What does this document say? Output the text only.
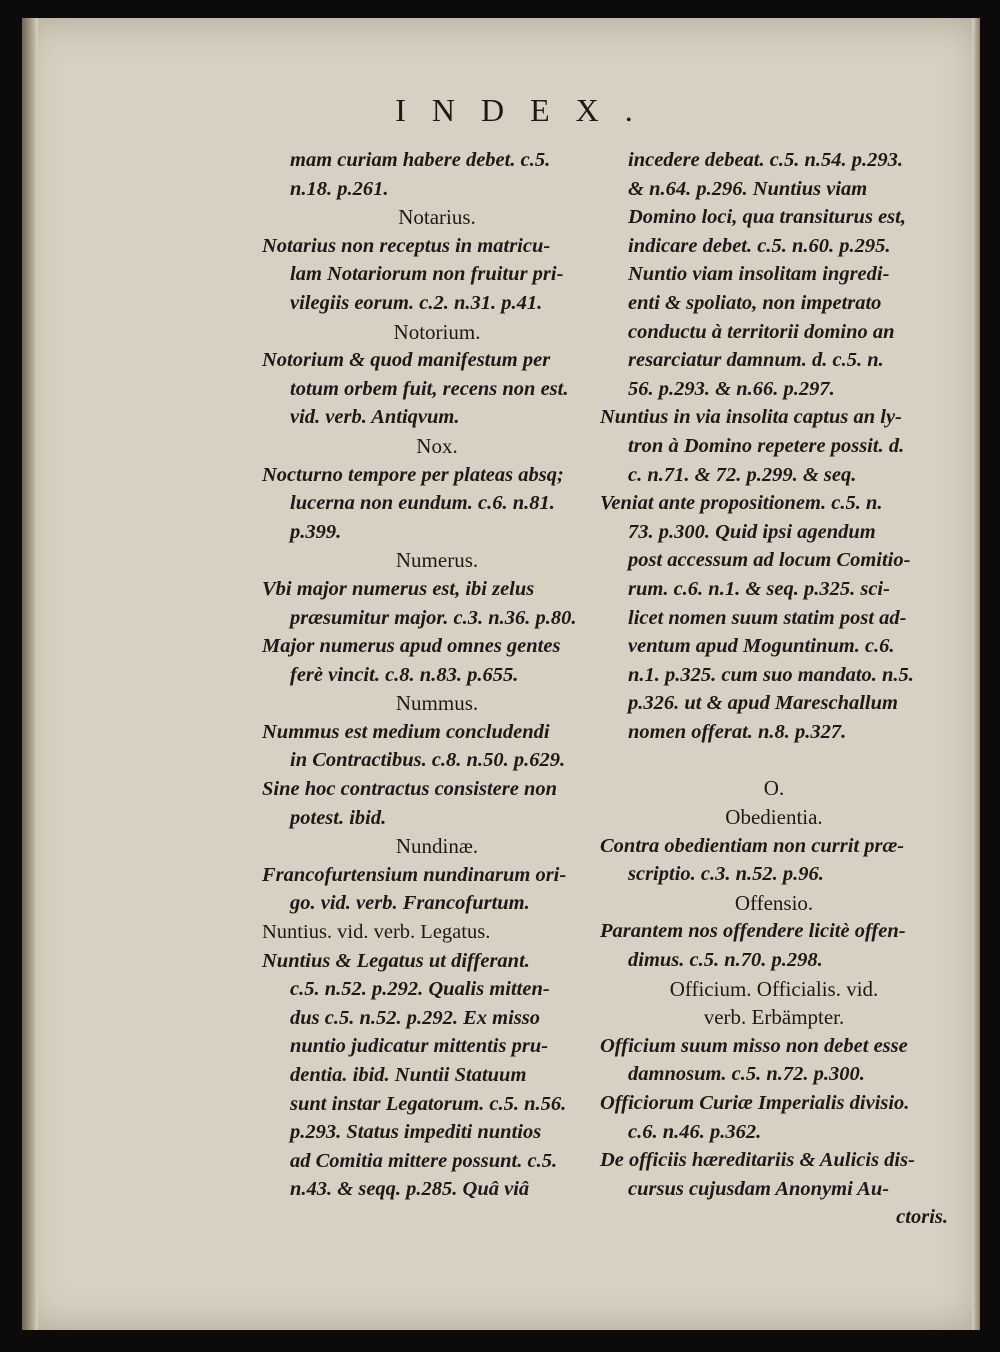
INDEX.
mam curiam habere debet. c.5.
n.18. p.261.
Notarius.
Notarius non receptus in matricu-
lam Notariorum non fruitur pri-
vilegiis eorum. c.2. n.31. p.41.
Notorium.
Notorium & quod manifestum per
totum orbem fuit, recens non est.
vid. verb. Antiqvum.
Nox.
Nocturno tempore per plateas absq;
lucerna non eundum. c.6. n.81.
p.399.
Numerus.
Vbi major numerus est, ibi zelus
præsumitur major. c.3. n.36. p.80.
Major numerus apud omnes gentes
ferè vincit. c.8. n.83. p.655.
Nummus.
Nummus est medium concludendi
in Contractibus. c.8. n.50. p.629.
Sine hoc contractus consistere non
potest. ibid.
Nundinæ.
Francofurtensium nundinarum ori-
go. vid. verb. Francofurtum.
Nuntius. vid. verb. Legatus.
Nuntius & Legatus ut differant.
c.5. n.52. p.292. Qualis mitten-
dus c.5. n.52. p.292. Ex misso
nuntio judicatur mittentis pru-
dentia. ibid. Nuntii Statuum
sunt instar Legatorum. c.5. n.56.
p.293. Status impediti nuntios
ad Comitia mittere possunt. c.5.
n.43. & seqq. p.285. Quâ viâ
incedere debeat. c.5. n.54. p.293.
& n.64. p.296. Nuntius viam
Domino loci, qua transiturus est,
indicare debet. c.5. n.60. p.295.
Nuntio viam insolitam ingredi-
enti & spoliato, non impetrato
conductu à territorii domino an
resarciatur damnum. d. c.5. n.
56. p.293. & n.66. p.297.
Nuntius in via insolita captus an ly-
tron à Domino repetere possit. d.
c. n.71. & 72. p.299. & seq.
Veniat ante propositionem. c.5. n.
73. p.300. Quid ipsi agendum
post accessum ad locum Comitio-
rum. c.6. n.1. & seq. p.325. sci-
licet nomen suum statim post ad-
ventum apud Moguntinum. c.6.
n.1. p.325. cum suo mandato. n.5.
p.326. ut & apud Mareschallum
nomen offerat. n.8. p.327.
O.
Obedientia.
Contra obedientiam non currit præ-
scriptio. c.3. n.52. p.96.
Offensio.
Parantem nos offendere licitè offen-
dimus. c.5. n.70. p.298.
Officium. Officialis. vid.
verb. Erbämpter.
Officium suum misso non debet esse
damnosum. c.5. n.72. p.300.
Officiorum Curiæ Imperialis divisio.
c.6. n.46. p.362.
De officiis hæreditariis & Aulicis dis-
cursus cujusdam Anonymi Au-
ctoris.
